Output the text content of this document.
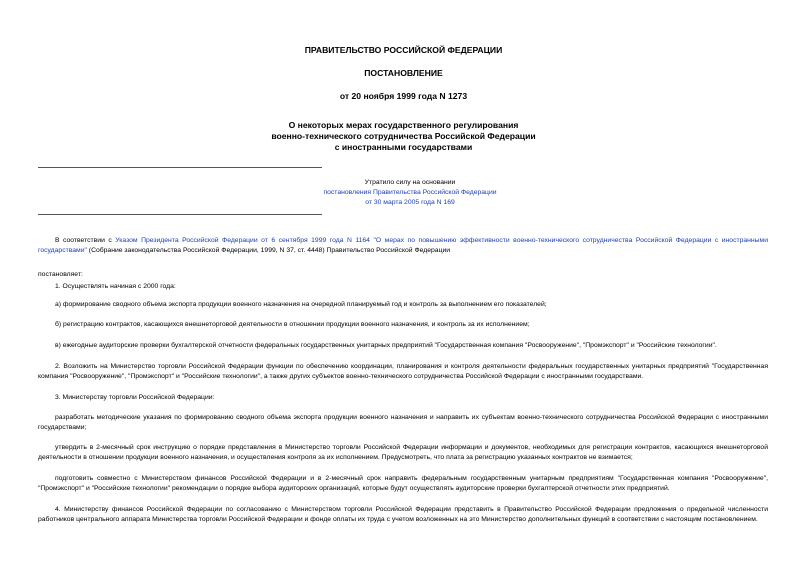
ПРАВИТЕЛЬСТВО РОССИЙСКОЙ ФЕДЕРАЦИИ
ПОСТАНОВЛЕНИЕ
от 20 ноября 1999 года N 1273
О некоторых мерах государственного регулирования
военно-технического сотрудничества Российской Федерации
с иностранными государствами
Утратило силу на основании
постановления Правительства Российской Федерации
от 30 марта 2005 года N 169
В соответствии с Указом Президента Российской Федерации от 6 сентября 1999 года N 1164 "О мерах по повышению эффективности военно-технического сотрудничества Российской Федерации с иностранными государствами" (Собрание законодательства Российской Федерации, 1999, N 37, ст. 4448) Правительство Российской Федерации
постановляет:
1. Осуществлять начиная с 2000 года:
а) формирование сводного объема экспорта продукции военного назначения на очередной планируемый год и контроль за выполнением его показателей;
б) регистрацию контрактов, касающихся внешнеторговой деятельности в отношении продукции военного назначения, и контроль за их исполнением;
в) ежегодные аудиторские проверки бухгалтерской отчетности федеральных государственных унитарных предприятий "Государственная компания "Росвооружение", "Промэкспорт" и "Российские технологии".
2. Возложить на Министерство торговли Российской Федерации функции по обеспечению координации, планирования и контроля деятельности федеральных государственных унитарных предприятий "Государственная компания "Росвооружение", "Промэкспорт" и "Российские технологии", а также других субъектов военно-технического сотрудничества Российской Федерации с иностранными государствами.
3. Министерству торговли Российской Федерации:
разработать методические указания по формированию сводного объема экспорта продукции военного назначения и направить их субъектам военно-технического сотрудничества Российской Федерации с иностранными государствами;
утвердить в 2-месячный срок инструкцию о порядке представления в Министерство торговли Российской Федерации информации и документов, необходимых для регистрации контрактов, касающихся внешнеторговой деятельности в отношении продукции военного назначения, и осуществления контроля за их исполнением. Предусмотреть, что плата за регистрацию указанных контрактов не взимается;
подготовить совместно с Министерством финансов Российской Федерации и в 2-месячный срок направить федеральным государственным унитарным предприятиям "Государственная компания "Росвооружение", "Промэкспорт" и "Российские технологии" рекомендации о порядке выбора аудиторских организаций, которые будут осуществлять аудиторские проверки бухгалтерской отчетности этих предприятий.
4. Министерству финансов Российской Федерации по согласованию с Министерством торговли Российской Федерации представить в Правительство Российской Федерации предложения о предельной численности работников центрального аппарата Министерства торговли Российской Федерации и фонде оплаты их труда с учетом возложенных на это Министерство дополнительных функций в соответствии с настоящим постановлением.
